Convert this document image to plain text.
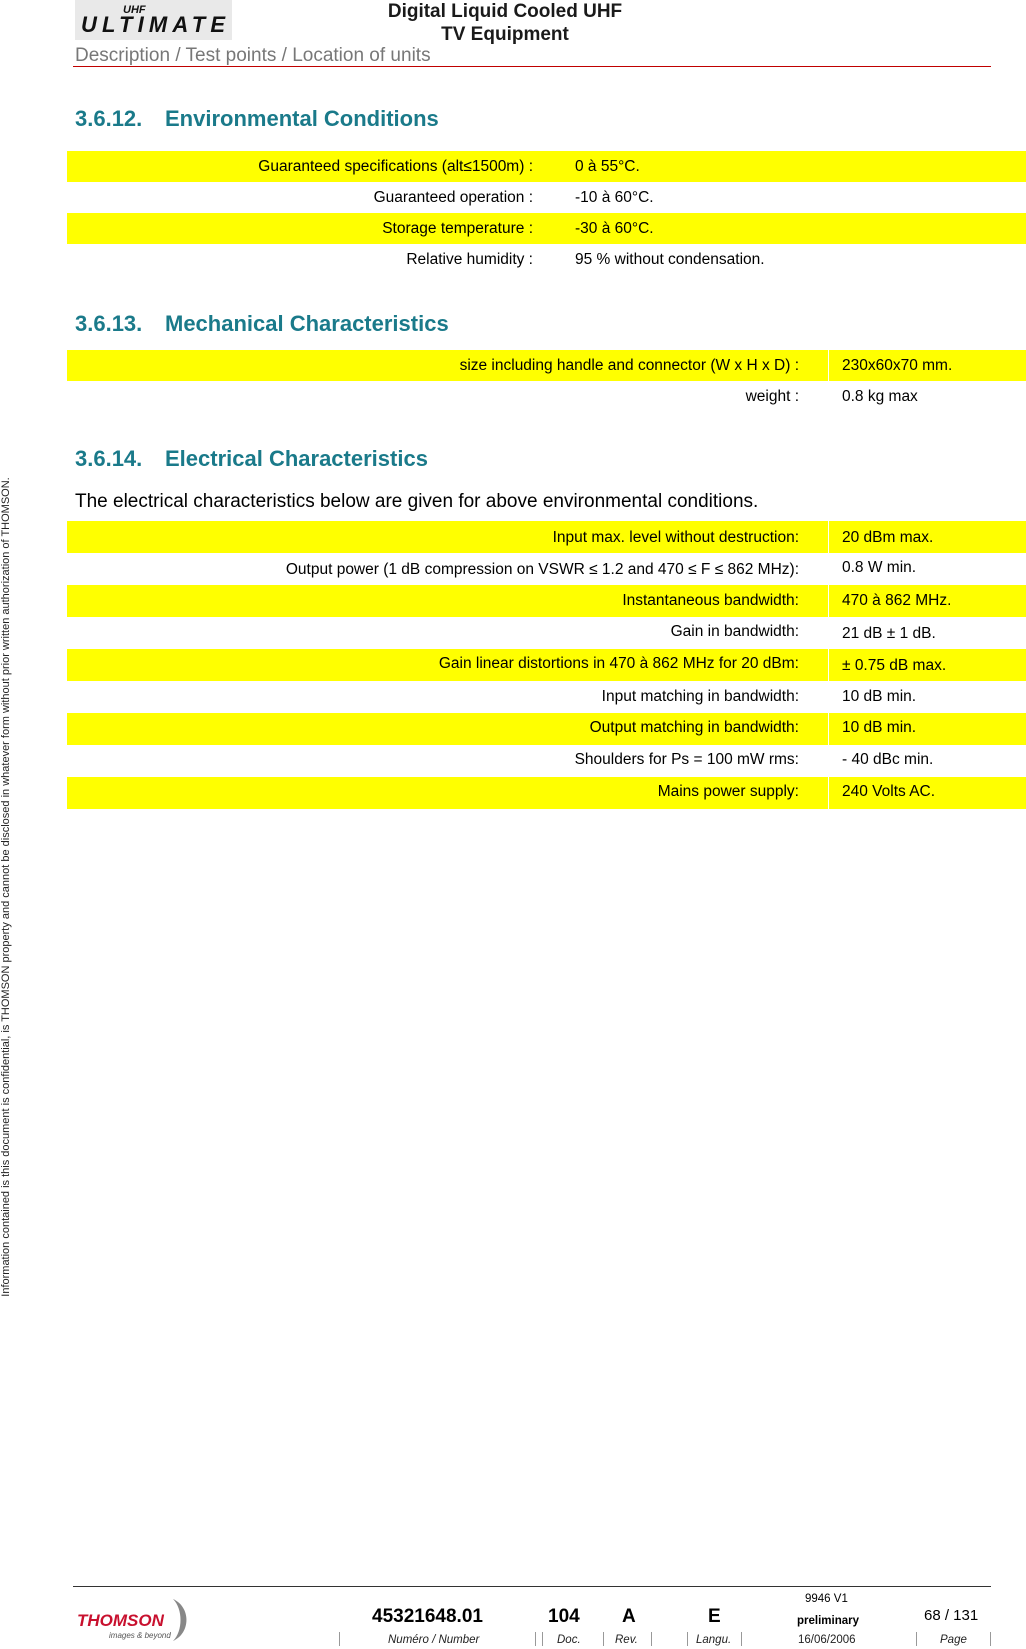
UHF
ULTIMATE
Digital Liquid Cooled UHF
TV Equipment
Description / Test points / Location of units
Information contained is this document is confidential, is THOMSON property and cannot be disclosed in whatever form without prior written authorization of THOMSON.
3.6.12. Environmental Conditions
Guaranteed specifications (alt≤1500m) :	0 à 55°C.
Guaranteed operation :	-10 à 60°C.
Storage temperature :	-30 à 60°C.
Relative humidity :	95 % without condensation.
3.6.13. Mechanical Characteristics
size including handle and connector (W x H x D) :	230x60x70 mm.
weight :	0.8 kg max
3.6.14. Electrical Characteristics
The electrical characteristics below are given for above environmental conditions.
Input max. level without destruction:	20 dBm max.
Output power (1 dB compression on VSWR ≤ 1.2 and 470 ≤ F ≤ 862 MHz):	0.8 W min.
Instantaneous bandwidth:	470 à 862 MHz.
Gain in bandwidth:	21 dB ± 1 dB.
Gain linear distortions in 470 à 862 MHz for 20 dBm:	± 0.75 dB max.
Input matching in bandwidth:	10 dB min.
Output matching in bandwidth:	10 dB min.
Shoulders for Ps = 100 mW rms:	- 40 dBc min.
Mains power supply:	240 Volts AC.
THOMSON
images & beyond
45321648.01	104 A	E
9946 V1
preliminary	68 / 131
Numéro / Number	Doc.	Rev.	Langu.	16/06/2006	Page
